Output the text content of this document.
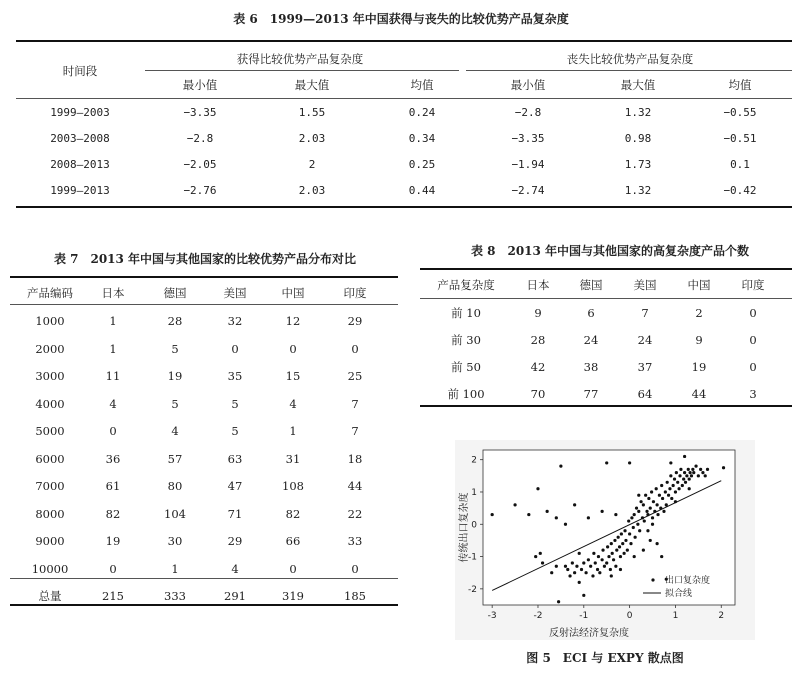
表 6　1999—2013 年中国获得与丧失的比较优势产品复杂度
时间段
获得比较优势产品复杂度	丧失比较优势产品复杂度
最小值	最大值	均值	最小值	最大值	均值
1999—2003	−3.35	1.55	0.24	−2.8	1.32	−0.55
2003—2008	−2.8	2.03	0.34	−3.35	0.98	−0.51
2008—2013	−2.05	2	0.25	−1.94	1.73	0.1
1999—2013	−2.76	2.03	0.44	−2.74	1.32	−0.42
表 7　2013 年中国与其他国家的比较优势产品分布对比
产品编码	日本	德国	美国	中国	印度
1000	1	28	32	12	29
2000	1	5	0	0	0
3000	11	19	35	15	25
4000	4	5	5	4	7
5000	0	4	5	1	7
6000	36	57	63	31	18
7000	61	80	47	108	44
8000	82	104	71	82	22
9000	19	30	29	66	33
10000	0	1	4	0	0
总量	215	333	291	319	185
表 8　2013 年中国与其他国家的高复杂度产品个数
产品复杂度	日本	德国	美国	中国	印度
前 10	9	6	7	2	0
前 30	28	24	24	9	0
前 50	42	38	37	19	0
前 100	70	77	64	44	3
-3	-2	-1	0	1	2
2
1
0
-1
-2
反射法经济复杂度
传统出口复杂度
出口复杂度
拟合线
图 5　ECI 与 EXPY 散点图
